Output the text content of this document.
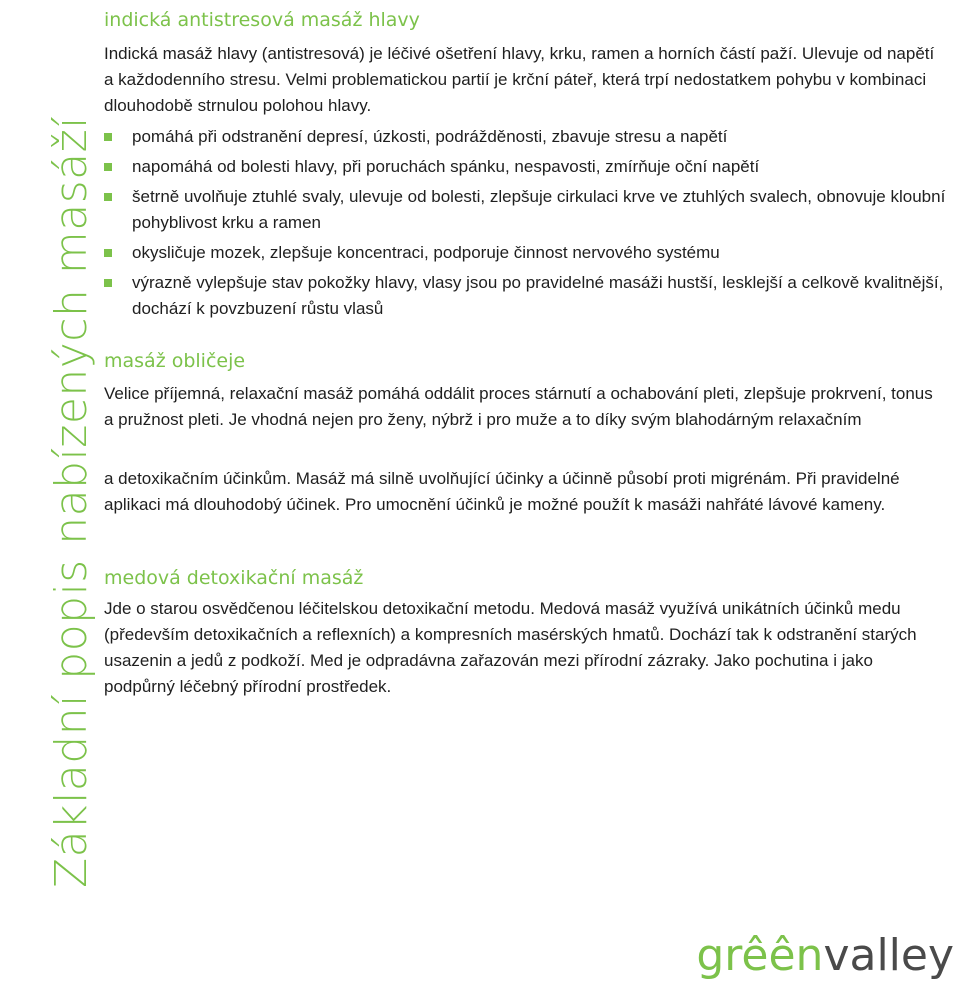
Základní popis nabízených masáží
indická antistresová masáž hlavy

Indická masáž hlavy (antistresová) je léčivé ošetření hlavy, krku, ramen a horních částí paží. Ulevuje od napětí a každodenního stresu. Velmi problematickou partií je krční páteř, která trpí nedostatkem pohybu v kombinaci dlouhodobě strnulou polohou hlavy.

pomáhá při odstranění depresí, úzkosti, podrážděnosti, zbavuje stresu a napětí
napomáhá od bolesti hlavy, při poruchách spánku, nespavosti, zmírňuje oční napětí
šetrně uvolňuje ztuhlé svaly, ulevuje od bolesti, zlepšuje cirkulaci krve ve ztuhlých svalech, obnovuje kloubní pohyblivost krku a ramen
okysličuje mozek, zlepšuje koncentraci, podporuje činnost nervového systému
výrazně vylepšuje stav pokožky hlavy, vlasy jsou po pravidelné masáži hustší, lesklejší a celkově kvalitnější, dochází k povzbuzení růstu vlasů
masáž obličeje

Velice příjemná, relaxační masáž pomáhá oddálit proces stárnutí a ochabování pleti, zlepšuje prokrvení, tonus a pružnost pleti. Je vhodná nejen pro ženy, nýbrž i pro muže a to díky svým blahodárným relaxačním

a detoxikačním účinkům. Masáž má silně uvolňující účinky a účinně působí proti migrénám. Při pravidelné aplikaci má dlouhodobý účinek. Pro umocnění účinků je možné použít k masáži nahřáté lávové kameny.

medová detoxikační masáž

Jde o starou osvědčenou léčitelskou detoxikační metodu. Medová masáž využívá unikátních účinků medu (především detoxikačních a reflexních) a kompresních masérských hmatů. Dochází tak k odstranění starých usazenin a jedů z podkoží. Med je odpradávna zařazován mezi přírodní zázraky. Jako pochutina i jako podpůrný léčebný přírodní prostředek.

grêênvalley
